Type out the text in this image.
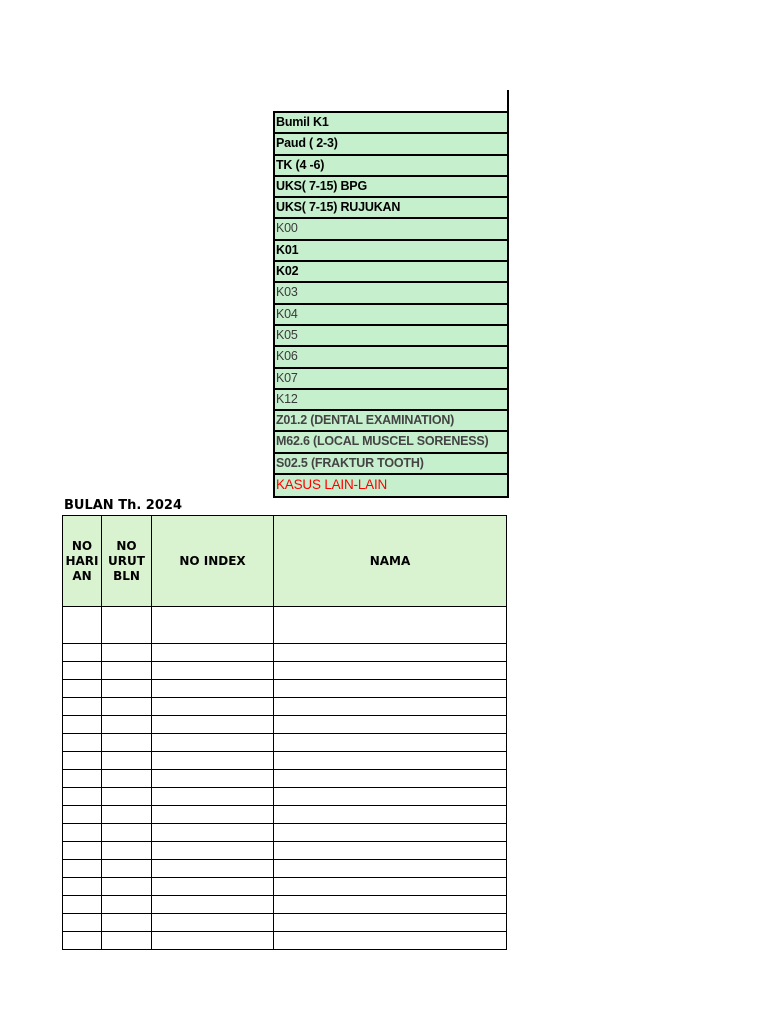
Bumil K1
Paud ( 2-3)
TK (4 -6)
UKS( 7-15) BPG
UKS( 7-15) RUJUKAN
K00
K01
K02
K03
K04
K05
K06
K07
K12
Z01.2 (DENTAL EXAMINATION)
M62.6 (LOCAL MUSCEL SORENESS)
S02.5 (FRAKTUR TOOTH)
KASUS LAIN-LAIN
BULAN Th. 2024
NO
HARI
AN	NO
URUT
BLN	NO INDEX	NAMA
